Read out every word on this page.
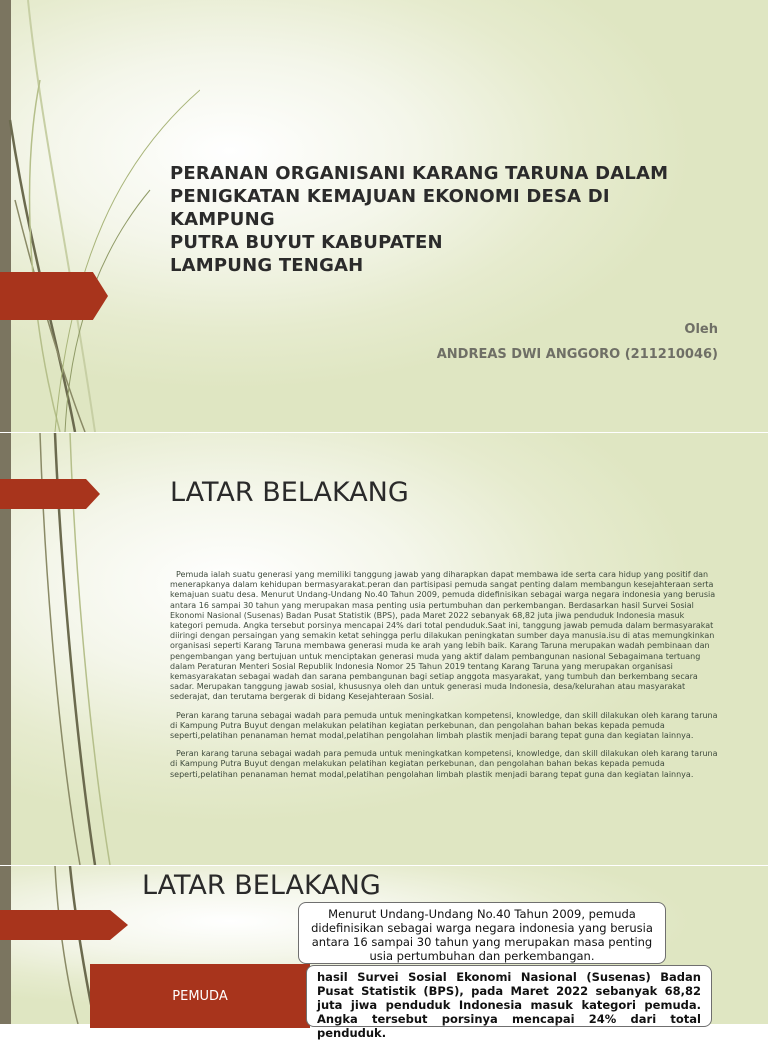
PERANAN ORGANISANI KARANG TARUNA DALAM
PENIGKATAN KEMAJUAN EKONOMI DESA DI
KAMPUNG
PUTRA BUYUT KABUPATEN
LAMPUNG TENGAH
Oleh
ANDREAS DWI ANGGORO (211210046)
LATAR BELAKANG

Pemuda ialah suatu generasi yang memiliki tanggung jawab yang diharapkan dapat membawa ide serta cara hidup yang positif dan menerapkanya dalam kehidupan bermasyarakat.peran dan partisipasi pemuda sangat penting dalam membangun kesejahteraan serta kemajuan suatu desa. Menurut Undang-Undang No.40 Tahun 2009, pemuda didefinisikan sebagai warga negara indonesia yang berusia antara 16 sampai 30 tahun yang merupakan masa penting usia pertumbuhan dan perkembangan. Berdasarkan hasil Survei Sosial Ekonomi Nasional (Susenas) Badan Pusat Statistik (BPS), pada Maret 2022 sebanyak 68,82 juta jiwa penduduk Indonesia masuk kategori pemuda. Angka tersebut porsinya mencapai 24% dari total penduduk.Saat ini, tanggung jawab pemuda dalam bermasyarakat diiringi dengan persaingan yang semakin ketat sehingga perlu dilakukan peningkatan sumber daya manusia.isu di atas memungkinkan organisasi seperti Karang Taruna membawa generasi muda ke arah yang lebih baik. Karang Taruna merupakan wadah pembinaan dan pengembangan yang bertujuan untuk menciptakan generasi muda yang aktif dalam pembangunan nasional Sebagaimana tertuang dalam Peraturan Menteri Sosial Republik Indonesia Nomor 25 Tahun 2019 tentang Karang Taruna yang merupakan organisasi kemasyarakatan sebagai wadah dan sarana pembangunan bagi setiap anggota masyarakat, yang tumbuh dan berkembang secara sadar. Merupakan tanggung jawab sosial, khususnya oleh dan untuk generasi muda Indonesia, desa/kelurahan atau masyarakat sederajat, dan terutama bergerak di bidang Kesejahteraan Sosial.

Peran karang taruna sebagai wadah para pemuda untuk meningkatkan kompetensi, knowledge, dan skill dilakukan oleh karang taruna di Kampung Putra Buyut dengan melakukan pelatihan kegiatan perkebunan, dan pengolahan bahan bekas kepada pemuda seperti,pelatihan penanaman hemat modal,pelatihan pengolahan limbah plastik menjadi barang tepat guna dan kegiatan lainnya.

Peran karang taruna sebagai wadah para pemuda untuk meningkatkan kompetensi, knowledge, dan skill dilakukan oleh karang taruna di Kampung Putra Buyut dengan melakukan pelatihan kegiatan perkebunan, dan pengolahan bahan bekas kepada pemuda seperti,pelatihan penanaman hemat modal,pelatihan pengolahan limbah plastik menjadi barang tepat guna dan kegiatan lainnya.

LATAR BELAKANG
Menurut Undang-Undang No.40 Tahun 2009, pemuda didefinisikan sebagai warga negara indonesia yang berusia antara 16 sampai 30 tahun yang merupakan masa penting usia pertumbuhan dan perkembangan.
PEMUDA
hasil Survei Sosial Ekonomi Nasional (Susenas) Badan Pusat Statistik (BPS), pada Maret 2022 sebanyak 68,82 juta jiwa penduduk Indonesia masuk kategori pemuda. Angka tersebut porsinya mencapai 24% dari total penduduk.
